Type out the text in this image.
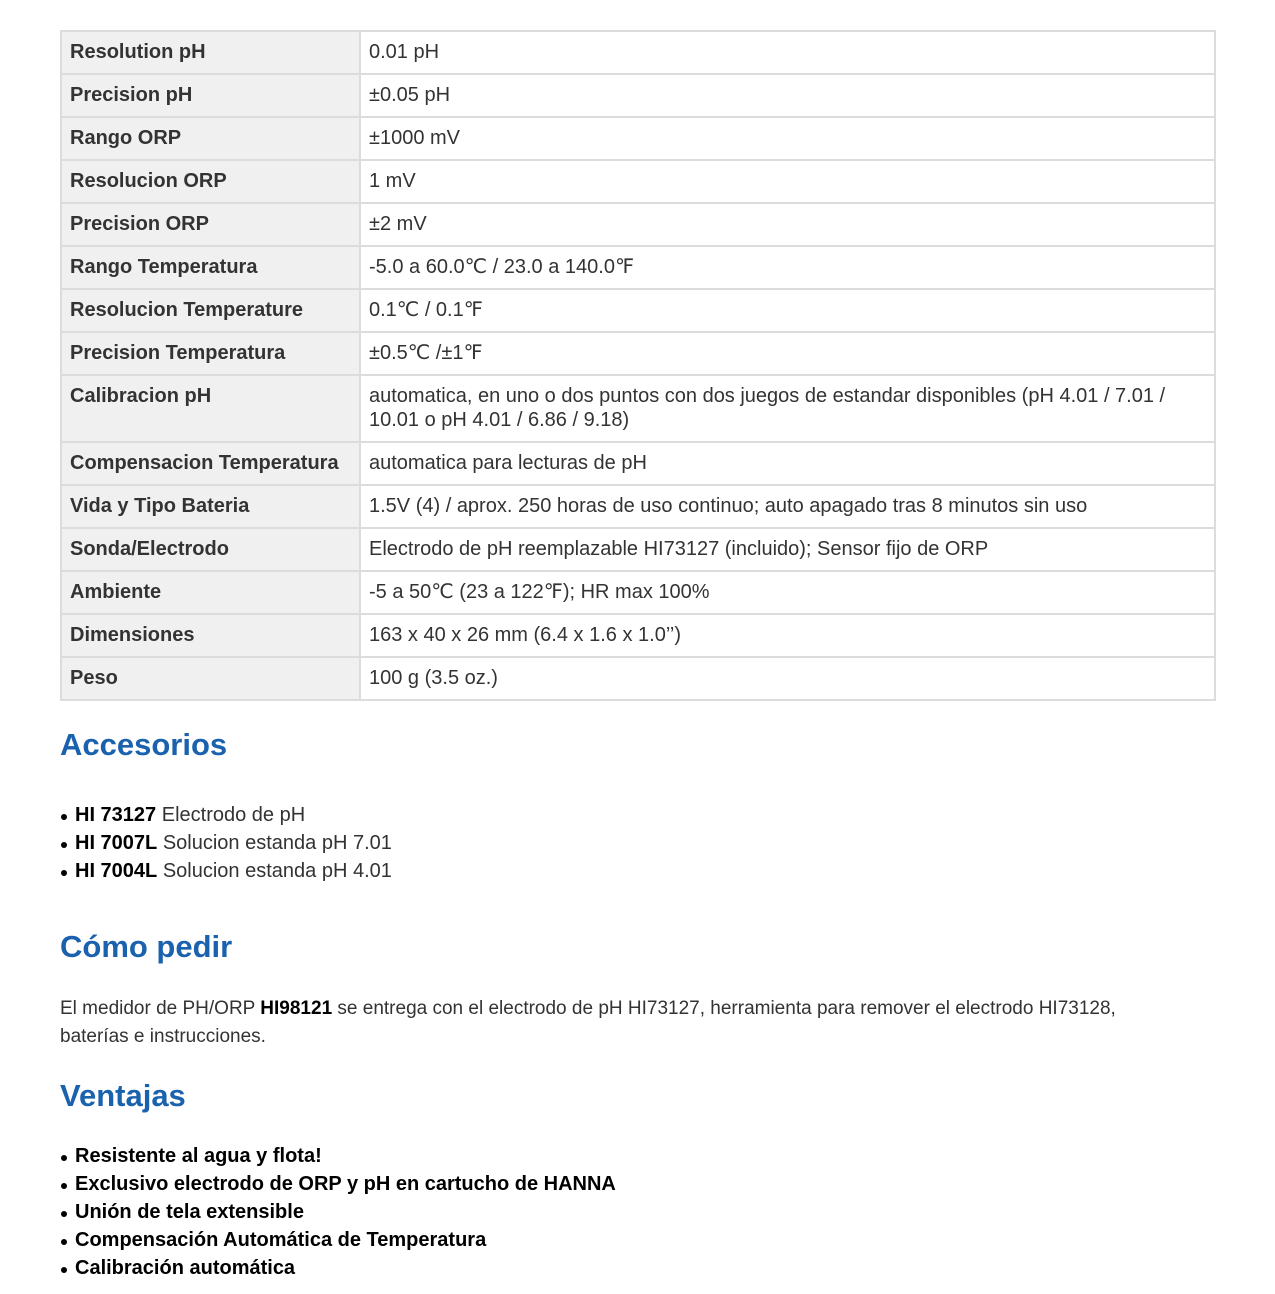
Resolution pH	0.01 pH
Precision pH	±0.05 pH
Rango ORP	±1000 mV
Resolucion ORP	1 mV
Precision ORP	±2 mV
Rango Temperatura	-5.0 a 60.0℃ / 23.0 a 140.0℉
Resolucion Temperature	0.1℃ / 0.1℉
Precision Temperatura	±0.5℃ /±1℉
Calibracion pH	automatica, en uno o dos puntos con dos juegos de estandar disponibles (pH 4.01 / 7.01 / 10.01 o pH 4.01 / 6.86 / 9.18)
Compensacion Temperatura	automatica para lecturas de pH
Vida y Tipo Bateria	1.5V (4) / aprox. 250 horas de uso continuo; auto apagado tras 8 minutos sin uso
Sonda/Electrodo	Electrodo de pH reemplazable HI73127 (incluido); Sensor fijo de ORP
Ambiente	-5 a 50℃ (23 a 122℉); HR max 100%
Dimensiones	163 x 40 x 26 mm (6.4 x 1.6 x 1.0’’)
Peso	100 g (3.5 oz.)
Accesorios
HI 73127 Electrodo de pH
HI 7007L Solucion estanda pH 7.01
HI 7004L Solucion estanda pH 4.01
Cómo pedir

El medidor de PH/ORP HI98121 se entrega con el electrodo de pH HI73127, herramienta para remover el electrodo HI73128, baterías e instrucciones.

Ventajas
Resistente al agua y flota!
Exclusivo electrodo de ORP y pH en cartucho de HANNA
Unión de tela extensible
Compensación Automática de Temperatura
Calibración automática
